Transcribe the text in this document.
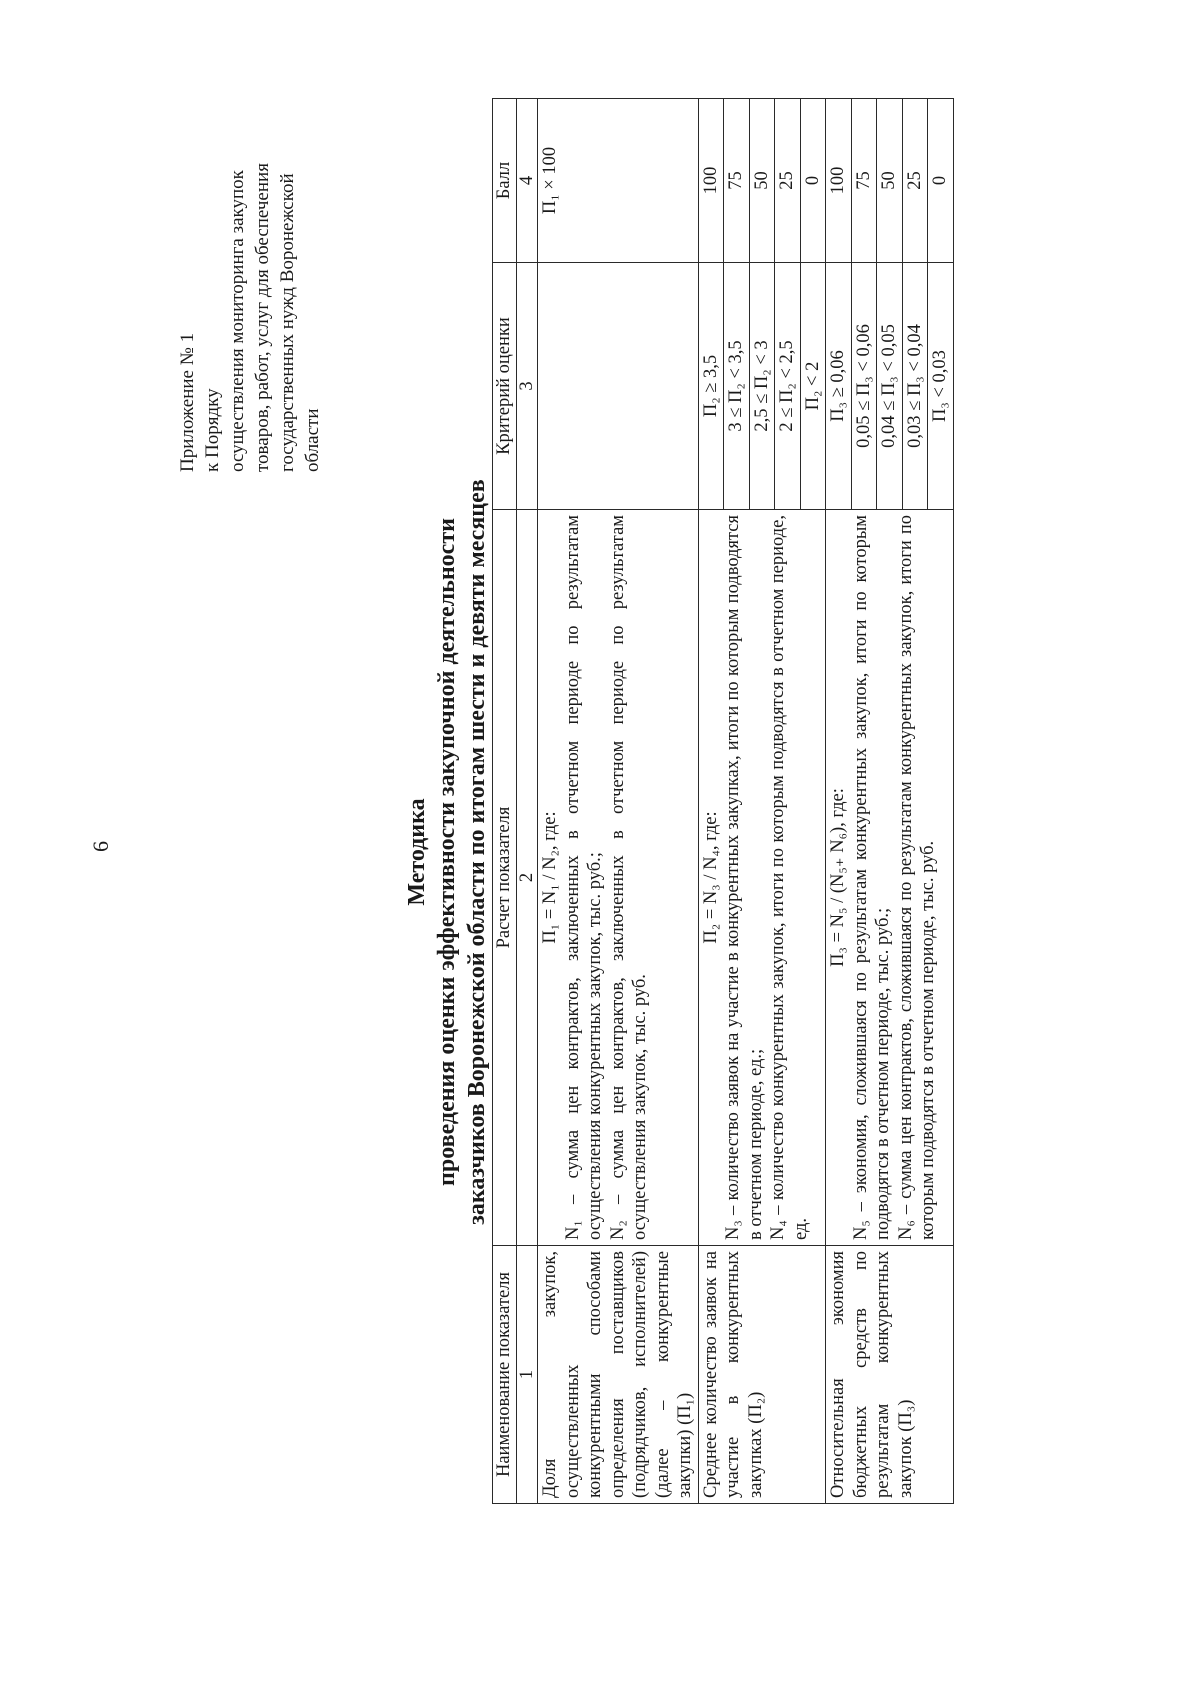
6
Приложение № 1 к Порядку осуществления мониторинга закупок товаров, работ, услуг для обеспечения государственных нужд Воронежской области
Методика проведения оценки эффективности закупочной деятельности заказчиков Воронежской области по итогам шести и девяти месяцев
Наименование показателя	Расчет показателя	Критерий оценки	Балл
1	2	3	4
Доля закупок, осуществленных конкурентными способами определения поставщиков (подрядчиков, исполнителей) (далее – конкурентные закупки) (П₁)	П₁ = N₁ / N₂, где: N₁ – сумма цен контрактов, заключенных в отчетном периоде по результатам осуществления конкурентных закупок, тыс. руб.; N₂ – сумма цен контрактов, заключенных в отчетном периоде по результатам осуществления закупок, тыс. руб.		П₁ × 100
Среднее количество заявок на участие в конкурентных закупках (П₂)	П₂ = N₃ / N₄, где: N₃ – количество заявок на участие в конкурентных закупках, итоги по которым подводятся в отчетном периоде, ед.; N₄ – количество конкурентных закупок, итоги по которым подводятся в отчетном периоде, ед.	П₂ ≥ 3,5	100
		3 ≤ П₂ < 3,5	75
		2,5 ≤ П₂ < 3	50
		2 ≤ П₂ < 2,5	25
		П₂ < 2	0
Относительная экономия бюджетных средств по результатам конкурентных закупок (П₃)	П₃ = N₅ / (N₅₊ N₆), где: N₅ – экономия, сложившаяся по результатам конкурентных закупок, итоги по которым подводятся в отчетном периоде, тыс. руб.; N₆ – сумма цен контрактов, сложившаяся по результатам конкурентных закупок, итоги по которым подводятся в отчетном периоде, тыс. руб.	П₃ ≥ 0,06	100
		0,05 ≤ П₃ < 0,06	75
		0,04 ≤ П₃ < 0,05	50
		0,03 ≤ П₃ < 0,04	25
		П₃ < 0,03	0
